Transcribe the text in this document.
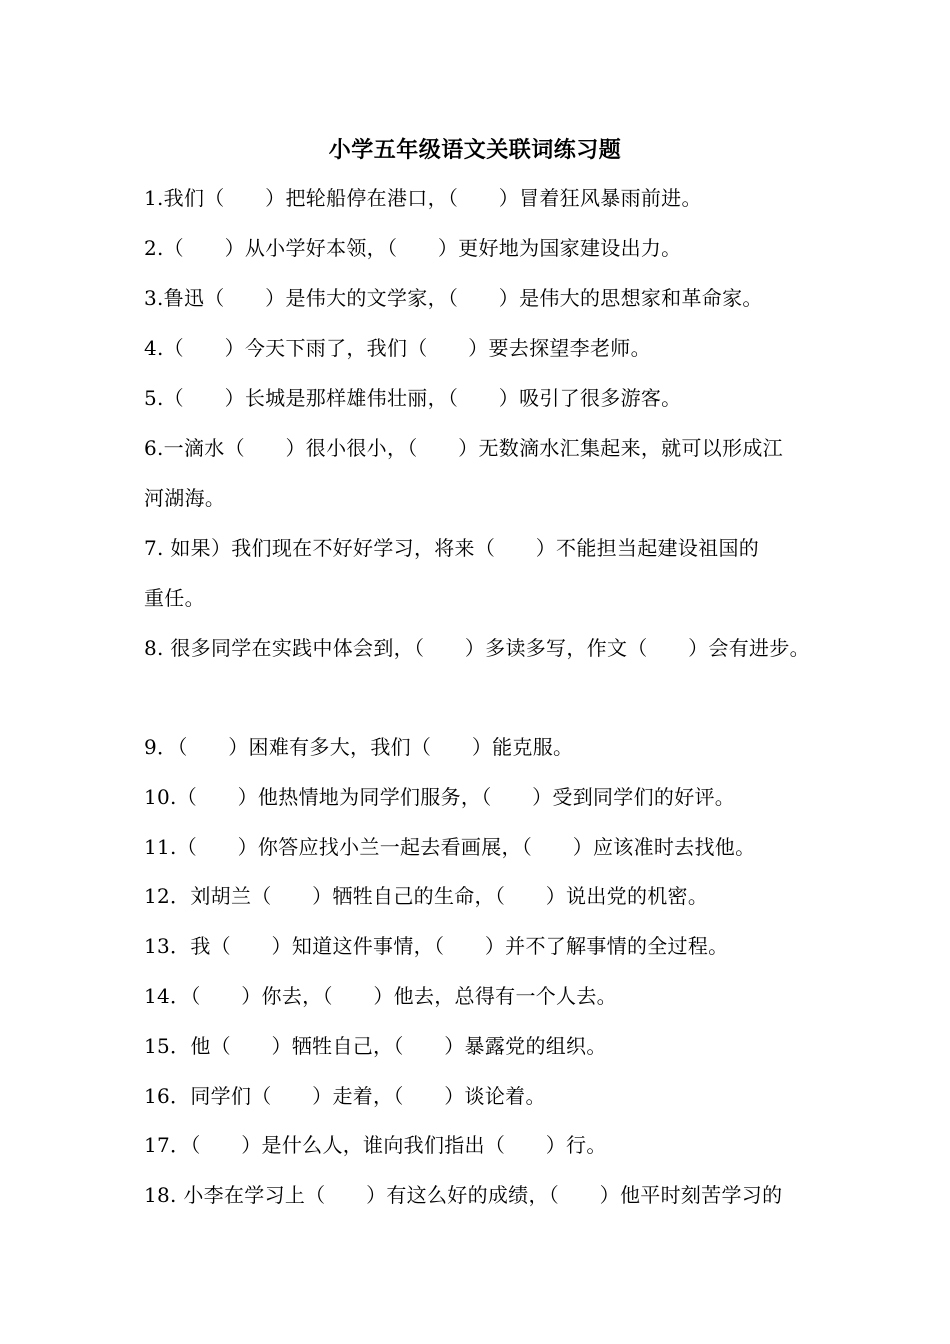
小学五年级语文关联词练习题
1.我们（　　）把轮船停在港口，（　　）冒着狂风暴雨前进。
2.（　　）从小学好本领，（　　）更好地为国家建设出力。
3.鲁迅（　　）是伟大的文学家，（　　）是伟大的思想家和革命家。
4.（　　）今天下雨了，我们（　　）要去探望李老师。
5.（　　）长城是那样雄伟壮丽，（　　）吸引了很多游客。
6.一滴水（　　）很小很小，（　　）无数滴水汇集起来，就可以形成江
河湖海。
7. 如果）我们现在不好好学习，将来（　　）不能担当起建设祖国的
重任。
8. 很多同学在实践中体会到，（　　）多读多写，作文（　　）会有进步。
9．（　　）困难有多大，我们（　　）能克服。
10.（　　）他热情地为同学们服务，（　　）受到同学们的好评。
11.（　　）你答应找小兰一起去看画展，（　　）应该准时去找他。
12．刘胡兰（　　）牺牲自己的生命，（　　）说出党的机密。
13．我（　　）知道这件事情，（　　）并不了解事情的全过程。
14．（　　）你去，（　　）他去，总得有一个人去。
15．他（　　）牺牲自己，（　　）暴露党的组织。
16．同学们（　　）走着，（　　）谈论着。
17．（　　）是什么人，谁向我们指出（　　）行。
18. 小李在学习上（　　）有这么好的成绩，（　　）他平时刻苦学习的
